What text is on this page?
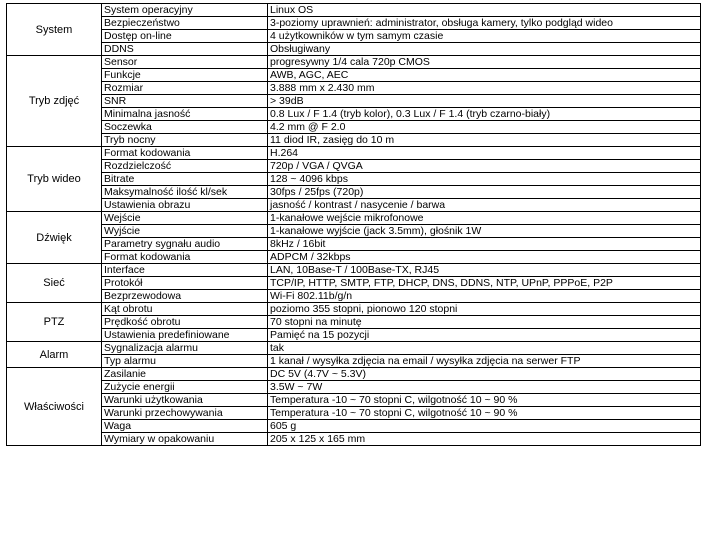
System	System operacyjny	Linux OS
	Bezpieczeństwo	3-poziomy uprawnień: administrator, obsługa kamery, tylko podgląd wideo
	Dostęp on-line	4 użytkowników w tym samym czasie
	DDNS	Obsługiwany
Tryb zdjęć	Sensor	progresywny 1/4 cala 720p CMOS
	Funkcje	AWB, AGC, AEC
	Rozmiar	3.888 mm x 2.430 mm
	SNR	> 39dB
	Minimalna jasność	0.8 Lux / F 1.4 (tryb kolor), 0.3 Lux / F 1.4 (tryb czarno-biały)
	Soczewka	4.2 mm @ F 2.0
	Tryb nocny	11 diod IR, zasięg do 10 m
Tryb wideo	Format kodowania	H.264
	Rozdzielczość	720p / VGA / QVGA
	Bitrate	128 ~ 4096 kbps
	Maksymalność ilość kl/sek	30fps / 25fps (720p)
	Ustawienia obrazu	jasność / kontrast / nasycenie / barwa
Dźwięk	Wejście	1-kanałowe wejście mikrofonowe
	Wyjście	1-kanałowe wyjście (jack 3.5mm), głośnik 1W
	Parametry sygnału audio	8kHz / 16bit
	Format kodowania	ADPCM / 32kbps
Sieć	Interface	LAN, 10Base-T / 100Base-TX, RJ45
	Protokół	TCP/IP, HTTP, SMTP, FTP, DHCP, DNS, DDNS, NTP, UPnP, PPPoE, P2P
	Bezprzewodowa	Wi-Fi 802.11b/g/n
PTZ	Kąt obrotu	poziomo 355 stopni, pionowo 120 stopni
	Prędkość obrotu	70 stopni na minutę
	Ustawienia predefiniowane	Pamięć na 15 pozycji
Alarm	Sygnalizacja alarmu	tak
	Typ alarmu	1 kanał / wysyłka zdjęcia na email / wysyłka zdjęcia na serwer FTP
Właściwości	Zasilanie	DC 5V (4.7V ~ 5.3V)
	Zużycie energii	3.5W ~ 7W
	Warunki użytkowania	Temperatura -10 ~ 70 stopni C, wilgotność 10 ~ 90 %
	Warunki przechowywania	Temperatura -10 ~ 70 stopni C, wilgotność 10 ~ 90 %
	Waga	605 g
	Wymiary w opakowaniu	205 x 125 x 165 mm
